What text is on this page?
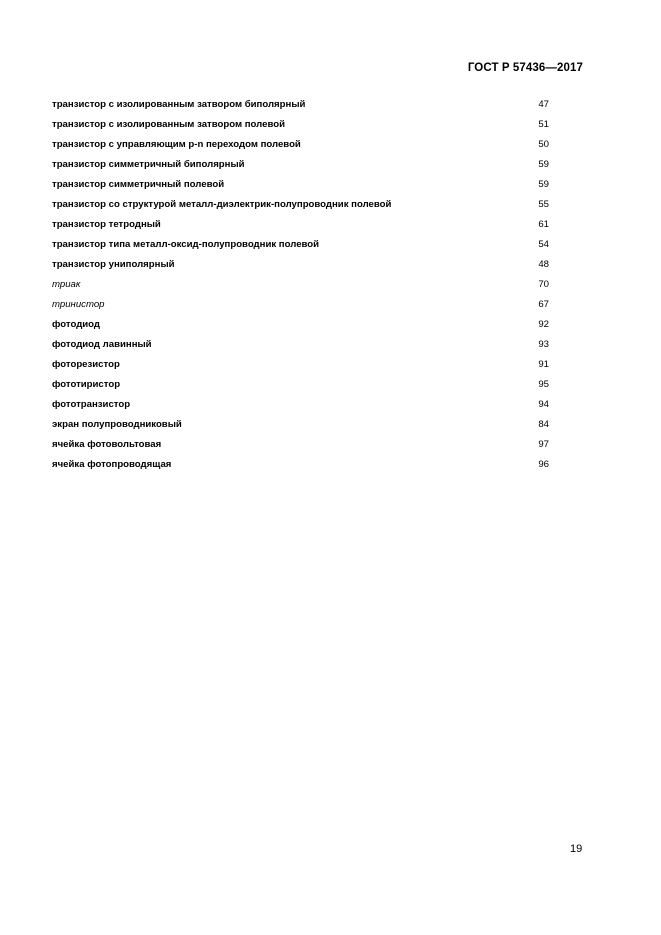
ГОСТ Р 57436—2017
транзистор с изолированным затвором биполярный	47
транзистор с изолированным затвором полевой	51
транзистор с управляющим p-n переходом полевой	50
транзистор симметричный биполярный	59
транзистор симметричный полевой	59
транзистор со структурой металл-диэлектрик-полупроводник полевой	55
транзистор тетродный	61
транзистор типа металл-оксид-полупроводник полевой	54
транзистор униполярный	48
триак	70
тринистор	67
фотодиод	92
фотодиод лавинный	93
фоторезистор	91
фототиристор	95
фототранзистор	94
экран полупроводниковый	84
ячейка фотовольтовая	97
ячейка фотопроводящая	96
19
